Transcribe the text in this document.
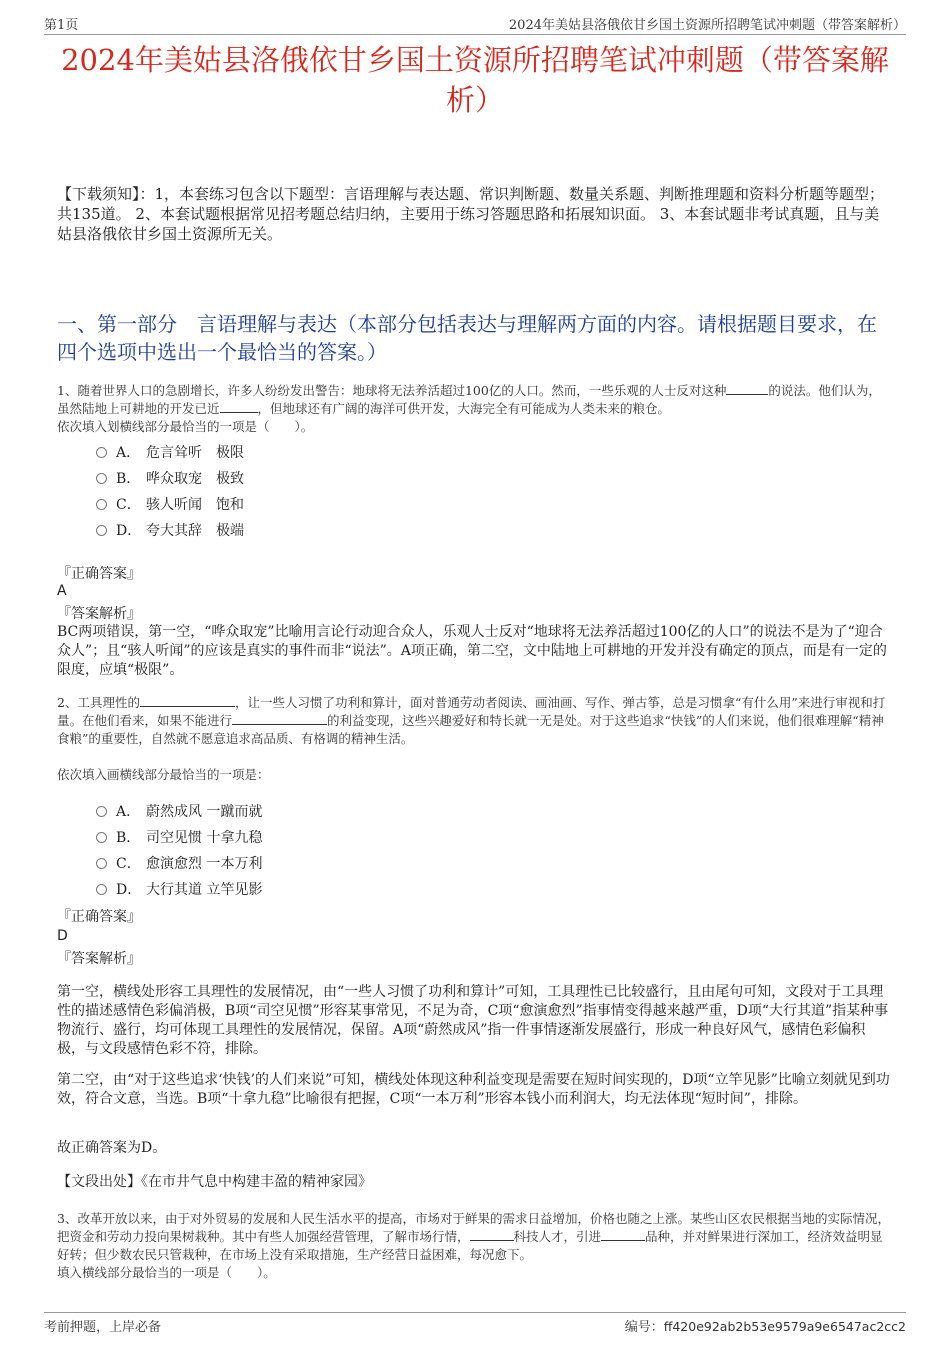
第1页	2024年美姑县洛俄依甘乡国土资源所招聘笔试冲刺题（带答案解析）
2024年美姑县洛俄依甘乡国土资源所招聘笔试冲刺题（带答案解析）
【下载须知】：1，本套练习包含以下题型：言语理解与表达题、常识判断题、数量关系题、判断推理题和资料分析题等题型；共135道。 2、本套试题根据常见招考题总结归纳，主要用于练习答题思路和拓展知识面。 3、本套试题非考试真题，且与美姑县洛俄依甘乡国土资源所无关。
一、第一部分　言语理解与表达（本部分包括表达与理解两方面的内容。请根据题目要求，在四个选项中选出一个最恰当的答案。）
1、随着世界人口的急剧增长，许多人纷纷发出警告：地球将无法养活超过100亿的人口。然而，一些乐观的人士反对这种	的说法。他们认为，虽然陆地上可耕地的开发已近	，但地球还有广阔的海洋可供开发，大海完全有可能成为人类未来的粮仓。
依次填入划横线部分最恰当的一项是（　　）。
A． 危言耸听　极限
B． 哗众取宠　极致
C． 骇人听闻　饱和
D． 夸大其辞　极端
『正确答案』
A
『答案解析』
BC两项错误，第一空，“哗众取宠”比喻用言论行动迎合众人，乐观人士反对“地球将无法养活超过100亿的人口”的说法不是为了“迎合众人”；且“骇人听闻”的应该是真实的事件而非“说法”。A项正确，第二空，文中陆地上可耕地的开发并没有确定的顶点，而是有一定的限度，应填“极限”。
2、工具理性的	，让一些人习惯了功利和算计，面对普通劳动者阅读、画油画、写作、弹古筝，总是习惯拿“有什么用”来进行审视和打量。在他们看来，如果不能进行	的利益变现，这些兴趣爱好和特长就一无是处。对于这些追求“快钱”的人们来说，他们很难理解“精神食粮”的重要性，自然就不愿意追求高品质、有格调的精神生活。
依次填入画横线部分最恰当的一项是：
A． 蔚然成风 一蹴而就
B． 司空见惯 十拿九稳
C． 愈演愈烈 一本万利
D． 大行其道 立竿见影
『正确答案』
D
『答案解析』
第一空，横线处形容工具理性的发展情况，由“一些人习惯了功利和算计”可知，工具理性已比较盛行，且由尾句可知，文段对于工具理性的描述感情色彩偏消极，B项“司空见惯”形容某事常见，不足为奇，C项“愈演愈烈”指事情变得越来越严重，D项“大行其道”指某种事物流行、盛行，均可体现工具理性的发展情况，保留。A项“蔚然成风”指一件事情逐渐发展盛行，形成一种良好风气，感情色彩偏积极，与文段感情色彩不符，排除。
第二空，由“对于这些追求‘快钱’的人们来说”可知，横线处体现这种利益变现是需要在短时间实现的，D项“立竿见影”比喻立刻就见到功效，符合文意，当选。B项“十拿九稳”比喻很有把握，C项“一本万利”形容本钱小而利润大，均无法体现“短时间”，排除。
故正确答案为D。
【文段出处】《在市井气息中构建丰盈的精神家园》
3、改革开放以来，由于对外贸易的发展和人民生活水平的提高，市场对于鲜果的需求日益增加，价格也随之上涨。某些山区农民根据当地的实际情况，把资金和劳动力投向果树栽种。其中有些人加强经营管理，了解市场行情，	科技人才，引进	品种，并对鲜果进行深加工，经济效益明显好转；但少数农民只管栽种，在市场上没有采取措施，生产经营日益困难，每况愈下。
填入横线部分最恰当的一项是（　　）。
考前押题，上岸必备	编号：ff420e92ab2b53e9579a9e6547ac2cc2
